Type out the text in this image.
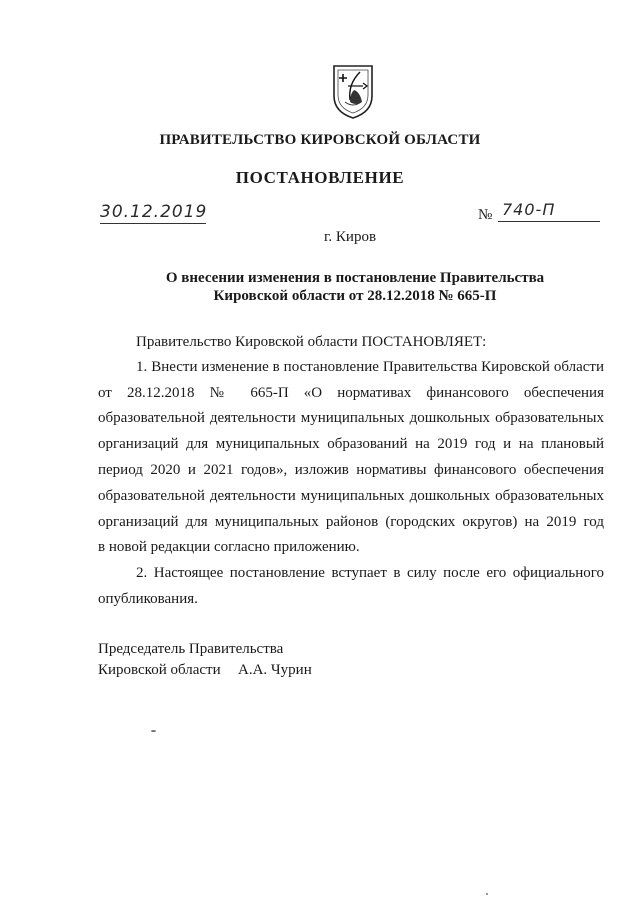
ПРАВИТЕЛЬСТВО КИРОВСКОЙ ОБЛАСТИ
ПОСТАНОВЛЕНИЕ
30.12.2019	№ 740-П
г. Киров
О внесении изменения в постановление Правительства
Кировской области от 28.12.2018 № 665-П
Правительство Кировской области ПОСТАНОВЛЯЕТ:
1. Внести изменение в постановление Правительства Кировской области
от 28.12.2018 № 665-П «О нормативах финансового обеспечения
образовательной деятельности муниципальных дошкольных образовательных
организаций для муниципальных образований на 2019 год и на плановый
период 2020 и 2021 годов», изложив нормативы финансового обеспечения
образовательной деятельности муниципальных дошкольных образовательных
организаций для муниципальных районов (городских округов) на 2019 год
в новой редакции согласно приложению.
2. Настоящее постановление вступает в силу после его официального
опубликования.
Председатель Правительства
Кировской области А.А. Чурин
